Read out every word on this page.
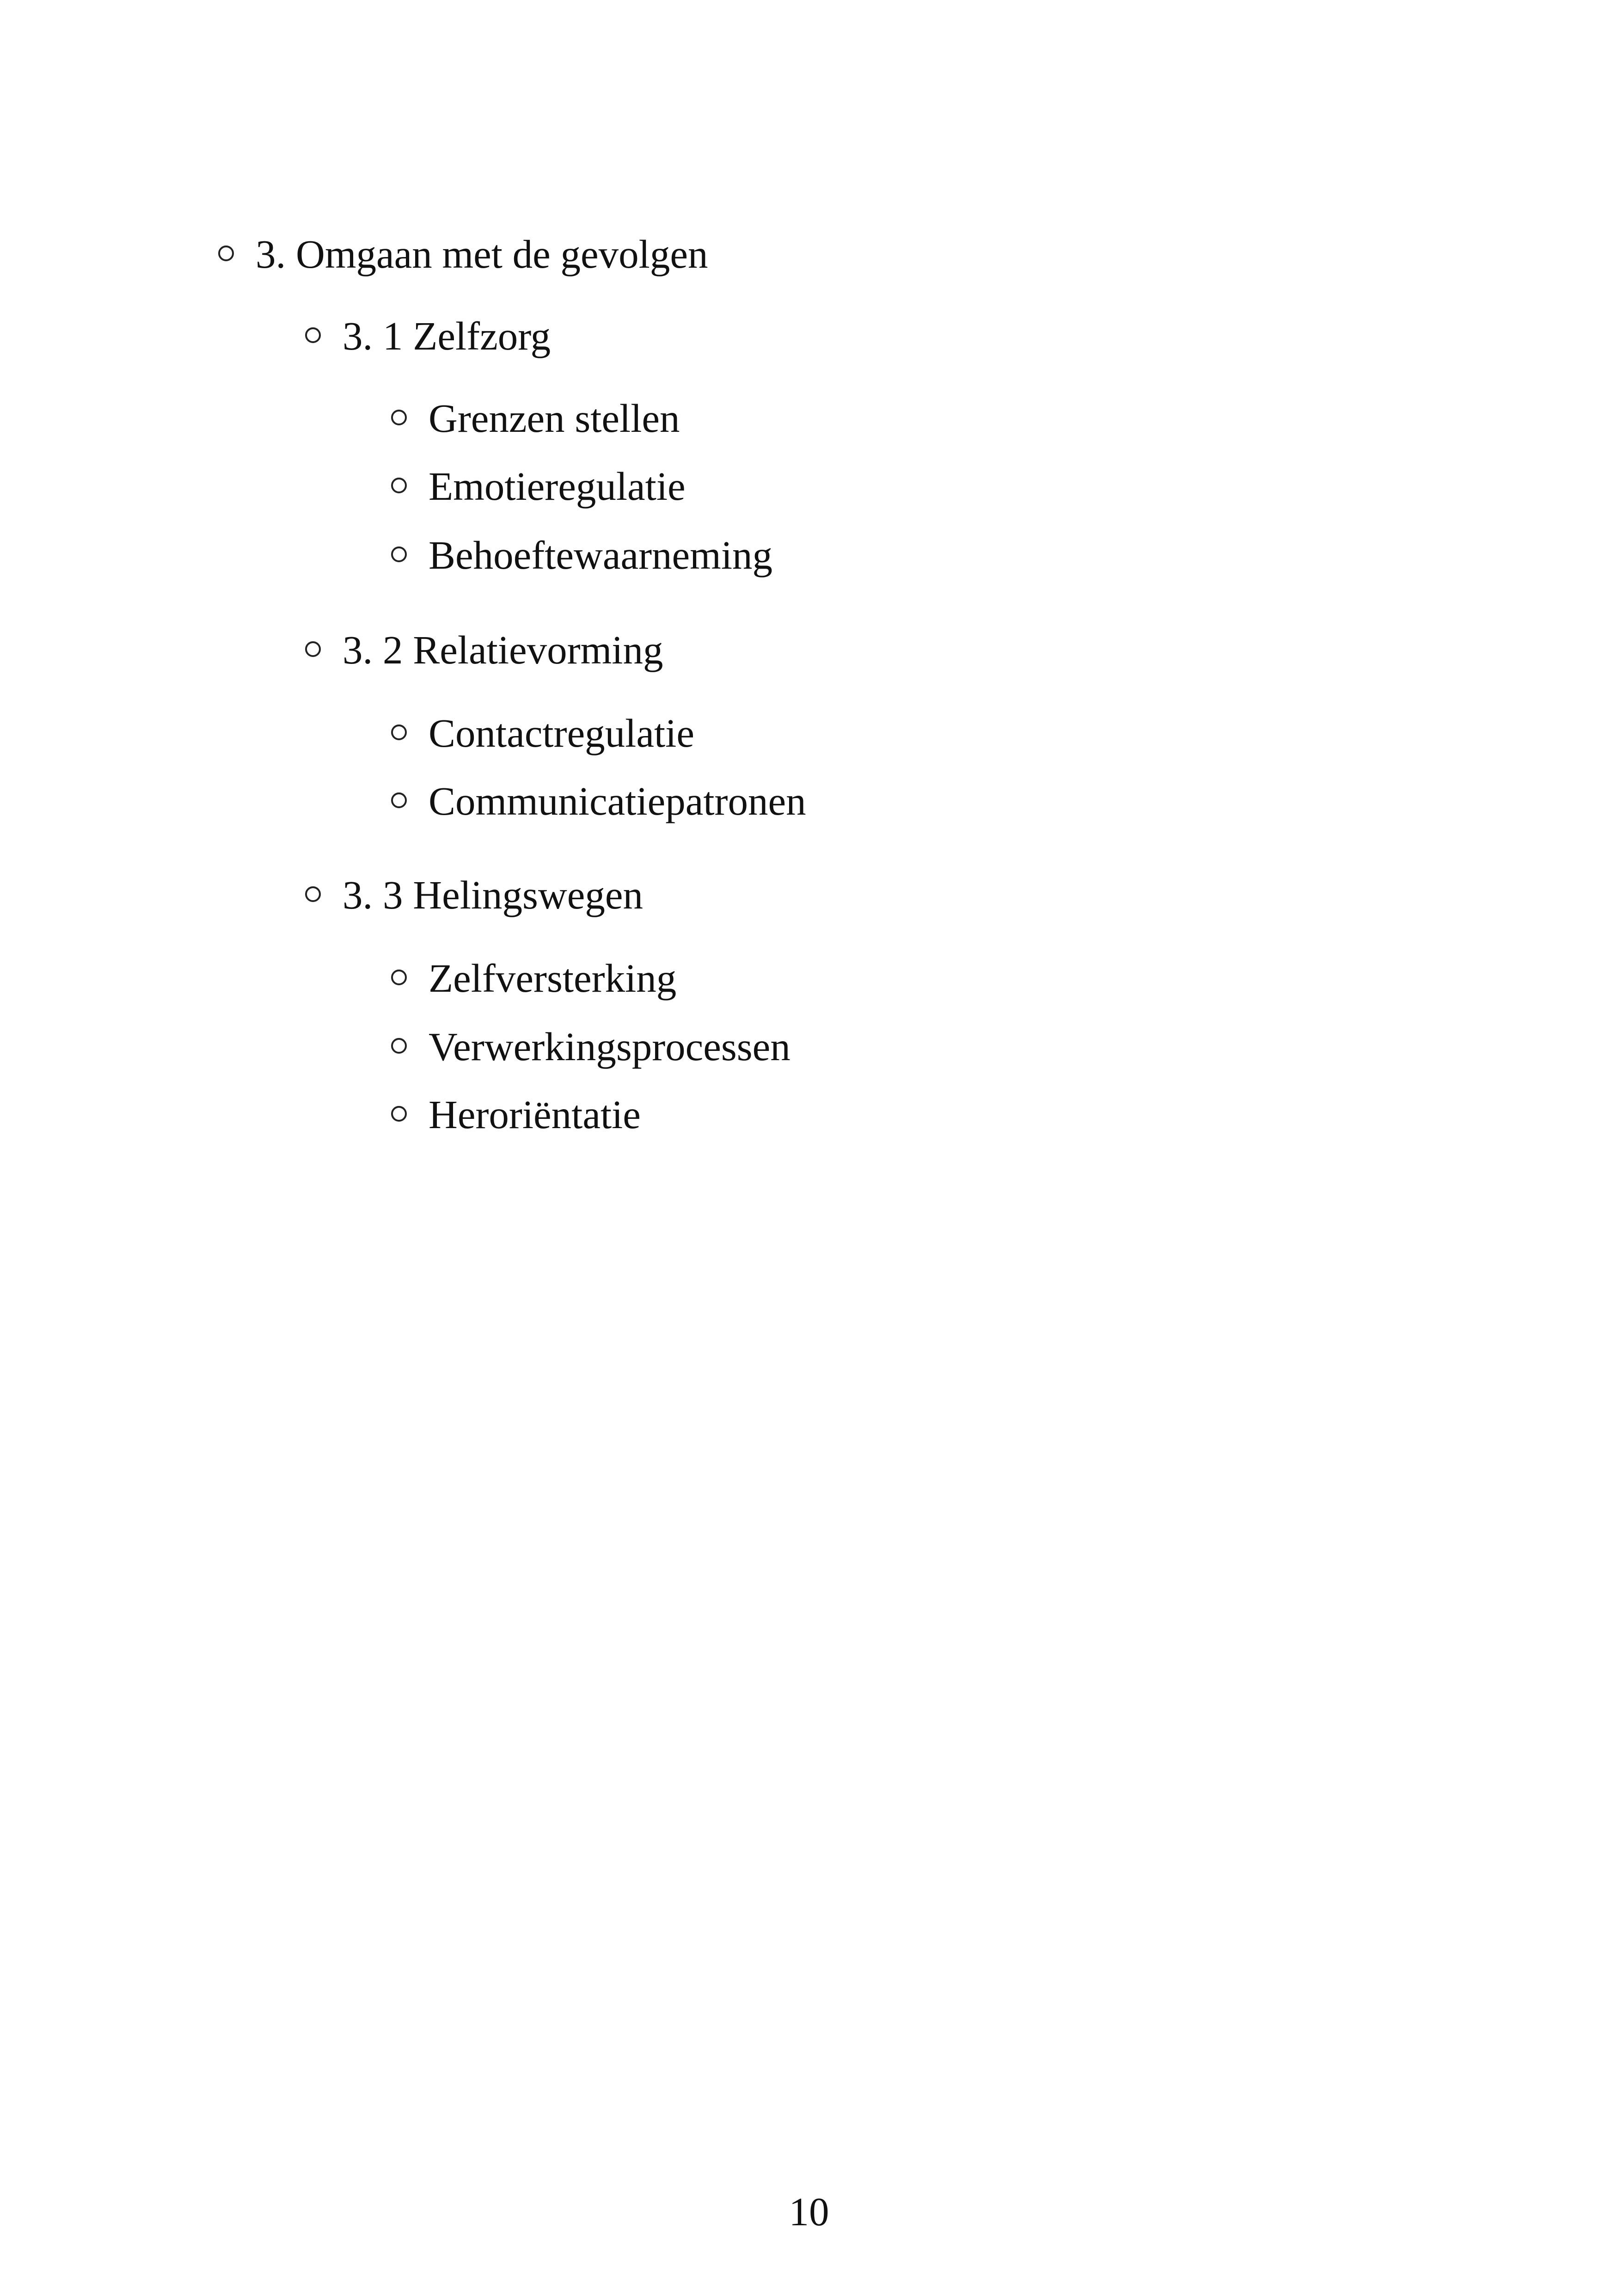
3. Omgaan met de gevolgen
3. 1 Zelfzorg
Grenzen stellen
Emotieregulatie
Behoeftewaarneming
3. 2 Relatievorming
Contactregulatie
Communicatiepatronen
3. 3 Helingswegen
Zelfversterking
Verwerkingsprocessen
Heroriëntatie
10
